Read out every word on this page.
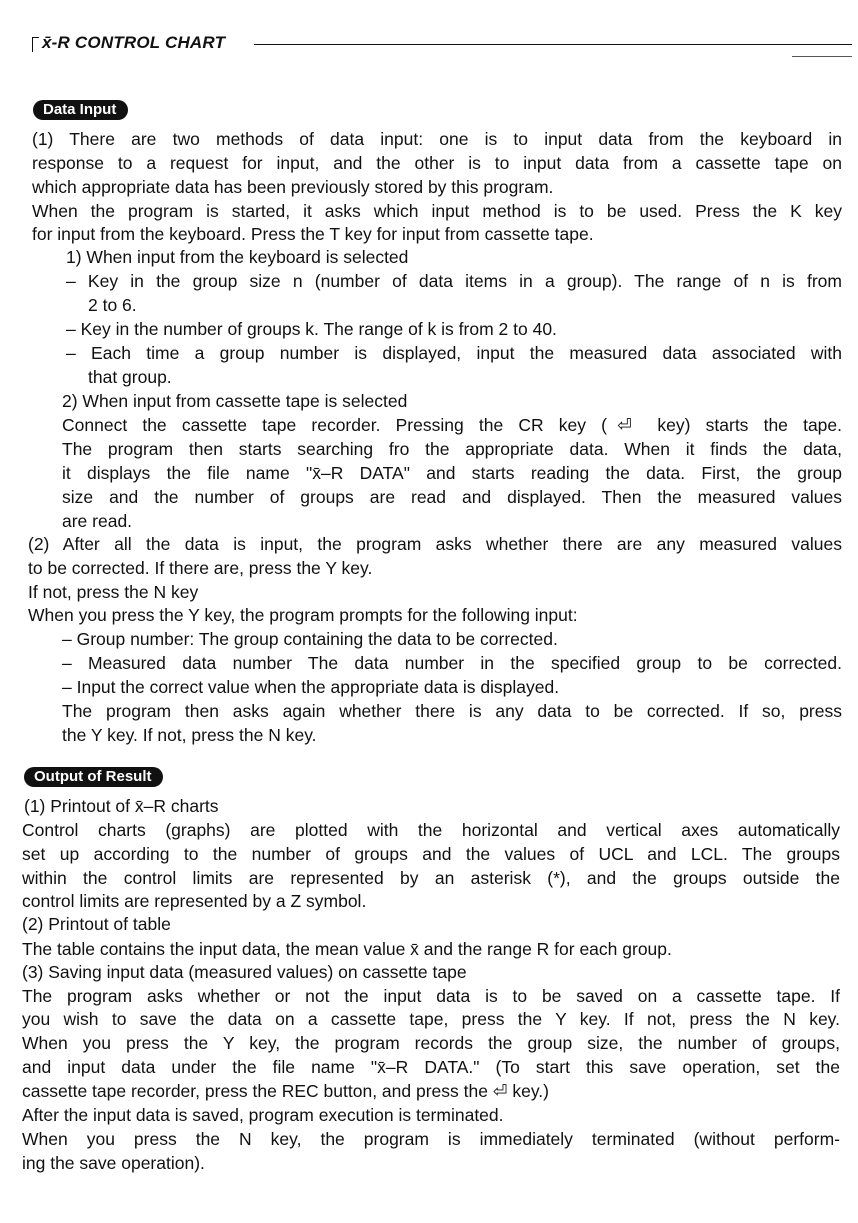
x̄-R CONTROL CHART
Data Input
(1) There are two methods of data input: one is to input data from the keyboard in
response to a request for input, and the other is to input data from a cassette tape on
which appropriate data has been previously stored by this program.
When the program is started, it asks which input method is to be used. Press the K key
for input from the keyboard. Press the T key for input from cassette tape.
1) When input from the keyboard is selected
– Key in the group size n (number of data items in a group). The range of n is from
2 to 6.
– Key in the number of groups k. The range of k is from 2 to 40.
– Each time a group number is displayed, input the measured data associated with
that group.
2) When input from cassette tape is selected
Connect the cassette tape recorder. Pressing the CR key (⏎ key) starts the tape.
The program then starts searching fro the appropriate data. When it finds the data,
it displays the file name "x̄–R DATA" and starts reading the data. First, the group
size and the number of groups are read and displayed. Then the measured values
are read.
(2) After all the data is input, the program asks whether there are any measured values
to be corrected. If there are, press the Y key.
If not, press the N key
When you press the Y key, the program prompts for the following input:
– Group number: The group containing the data to be corrected.
– Measured data number The data number in the specified group to be corrected.
– Input the correct value when the appropriate data is displayed.
The program then asks again whether there is any data to be corrected. If so, press
the Y key. If not, press the N key.
Output of Result
(1) Printout of x̄–R charts
Control charts (graphs) are plotted with the horizontal and vertical axes automatically
set up according to the number of groups and the values of UCL and LCL. The groups
within the control limits are represented by an asterisk (*), and the groups outside the
control limits are represented by a Z symbol.
(2) Printout of table
The table contains the input data, the mean value x̄ and the range R for each group.
(3) Saving input data (measured values) on cassette tape
The program asks whether or not the input data is to be saved on a cassette tape. If
you wish to save the data on a cassette tape, press the Y key. If not, press the N key.
When you press the Y key, the program records the group size, the number of groups,
and input data under the file name "x̄–R DATA." (To start this save operation, set the
cassette tape recorder, press the REC button, and press the ⏎ key.)
After the input data is saved, program execution is terminated.
When you press the N key, the program is immediately terminated (without perform-
ing the save operation).
